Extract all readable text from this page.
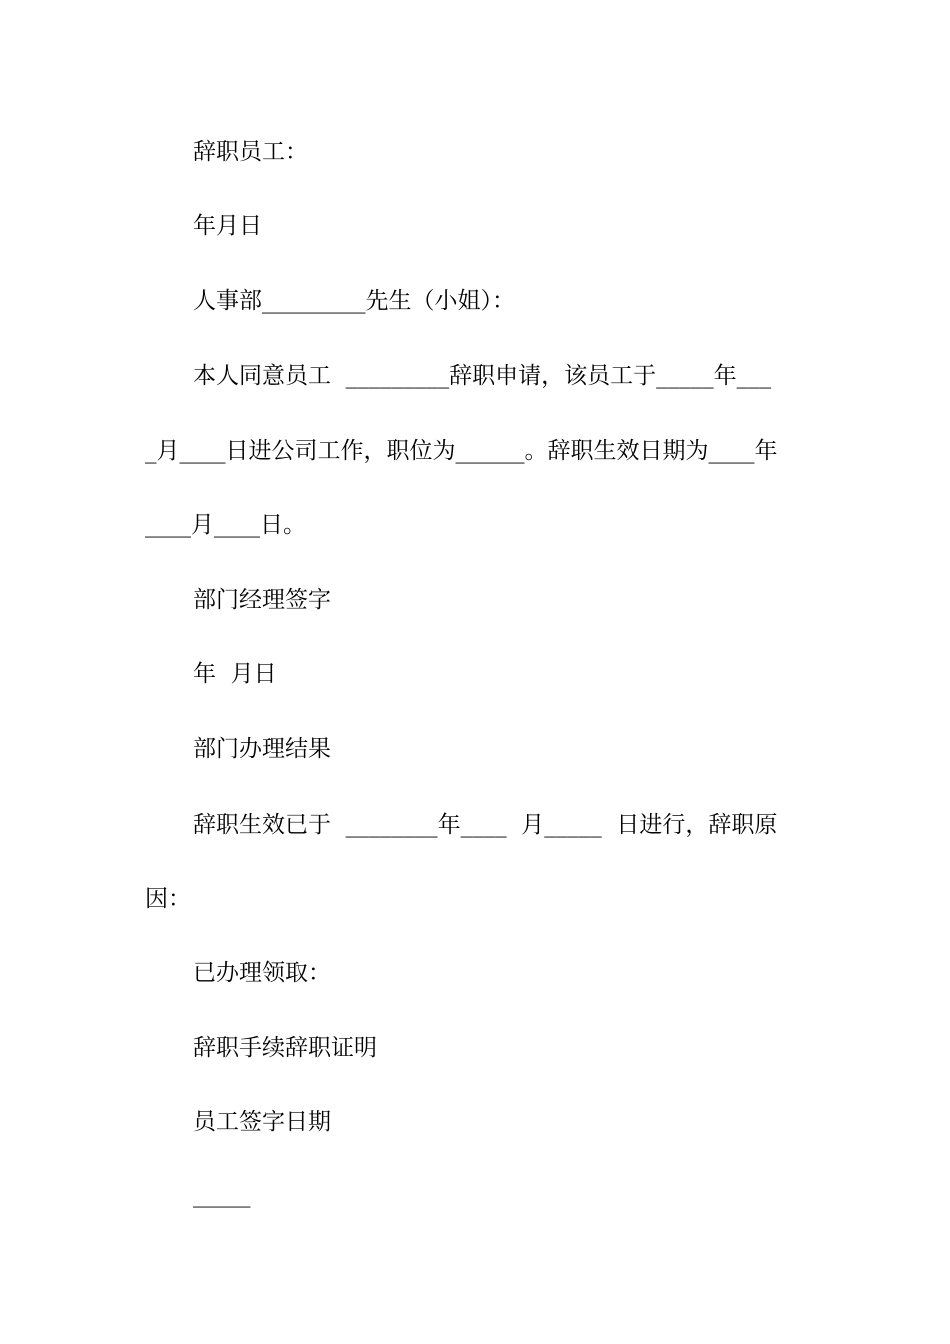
辞职员工：
年月日
人事部_________先生（小姐）：
本人同意员工  _________辞职申请，该员工于_____年___
_月____日进公司工作，职位为______。辞职生效日期为____年
____月____日。
部门经理签字
年  月日
部门办理结果
辞职生效已于  ________年____  月_____  日进行，辞职原
因：
已办理领取：
辞职手续辞职证明
员工签字日期
_____
